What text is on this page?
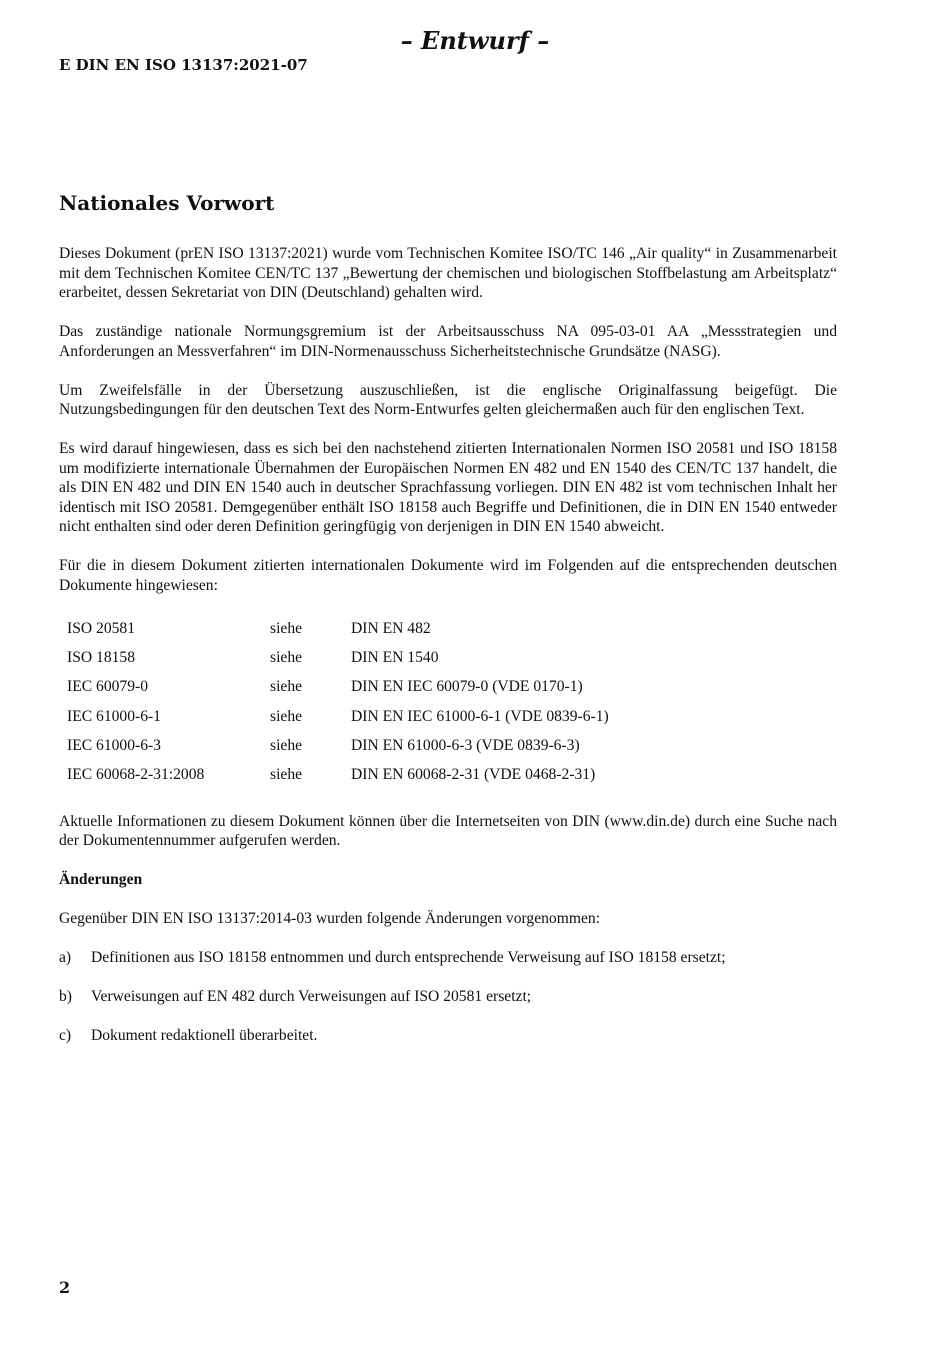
– Entwurf –
E DIN EN ISO 13137:2021-07
Nationales Vorwort

Dieses Dokument (prEN ISO 13137:2021) wurde vom Technischen Komitee ISO/TC 146 „Air quality“ in Zusammenarbeit mit dem Technischen Komitee CEN/TC 137 „Bewertung der chemischen und biologischen Stoffbelastung am Arbeitsplatz“ erarbeitet, dessen Sekretariat von DIN (Deutschland) gehalten wird.

Das zuständige nationale Normungsgremium ist der Arbeitsausschuss NA 095-03-01 AA „Messstrategien und Anforderungen an Messverfahren“ im DIN-Normenausschuss Sicherheitstechnische Grundsätze (NASG).

Um Zweifelsfälle in der Übersetzung auszuschließen, ist die englische Originalfassung beigefügt. Die Nutzungsbedingungen für den deutschen Text des Norm-Entwurfes gelten gleichermaßen auch für den englischen Text.

Es wird darauf hingewiesen, dass es sich bei den nachstehend zitierten Internationalen Normen ISO 20581 und ISO 18158 um modifizierte internationale Übernahmen der Europäischen Normen EN 482 und EN 1540 des CEN/TC 137 handelt, die als DIN EN 482 und DIN EN 1540 auch in deutscher Sprachfassung vorliegen. DIN EN 482 ist vom technischen Inhalt her identisch mit ISO 20581. Demgegenüber enthält ISO 18158 auch Begriffe und Definitionen, die in DIN EN 1540 entweder nicht enthalten sind oder deren Definition geringfügig von derjenigen in DIN EN 1540 abweicht.

Für die in diesem Dokument zitierten internationalen Dokumente wird im Folgenden auf die entsprechenden deutschen Dokumente hingewiesen:

ISO 20581	siehe	DIN EN 482
ISO 18158	siehe	DIN EN 1540
IEC 60079-0	siehe	DIN EN IEC 60079-0 (VDE 0170-1)
IEC 61000-6-1	siehe	DIN EN IEC 61000-6-1 (VDE 0839-6-1)
IEC 61000-6-3	siehe	DIN EN 61000-6-3 (VDE 0839-6-3)
IEC 60068-2-31:2008	siehe	DIN EN 60068-2-31 (VDE 0468-2-31)

Aktuelle Informationen zu diesem Dokument können über die Internetseiten von DIN (www.din.de) durch eine Suche nach der Dokumentennummer aufgerufen werden.

Änderungen

Gegenüber DIN EN ISO 13137:2014-03 wurden folgende Änderungen vorgenommen:

a)	Definitionen aus ISO 18158 entnommen und durch entsprechende Verweisung auf ISO 18158 ersetzt;
b)	Verweisungen auf EN 482 durch Verweisungen auf ISO 20581 ersetzt;
c)	Dokument redaktionell überarbeitet.
2
